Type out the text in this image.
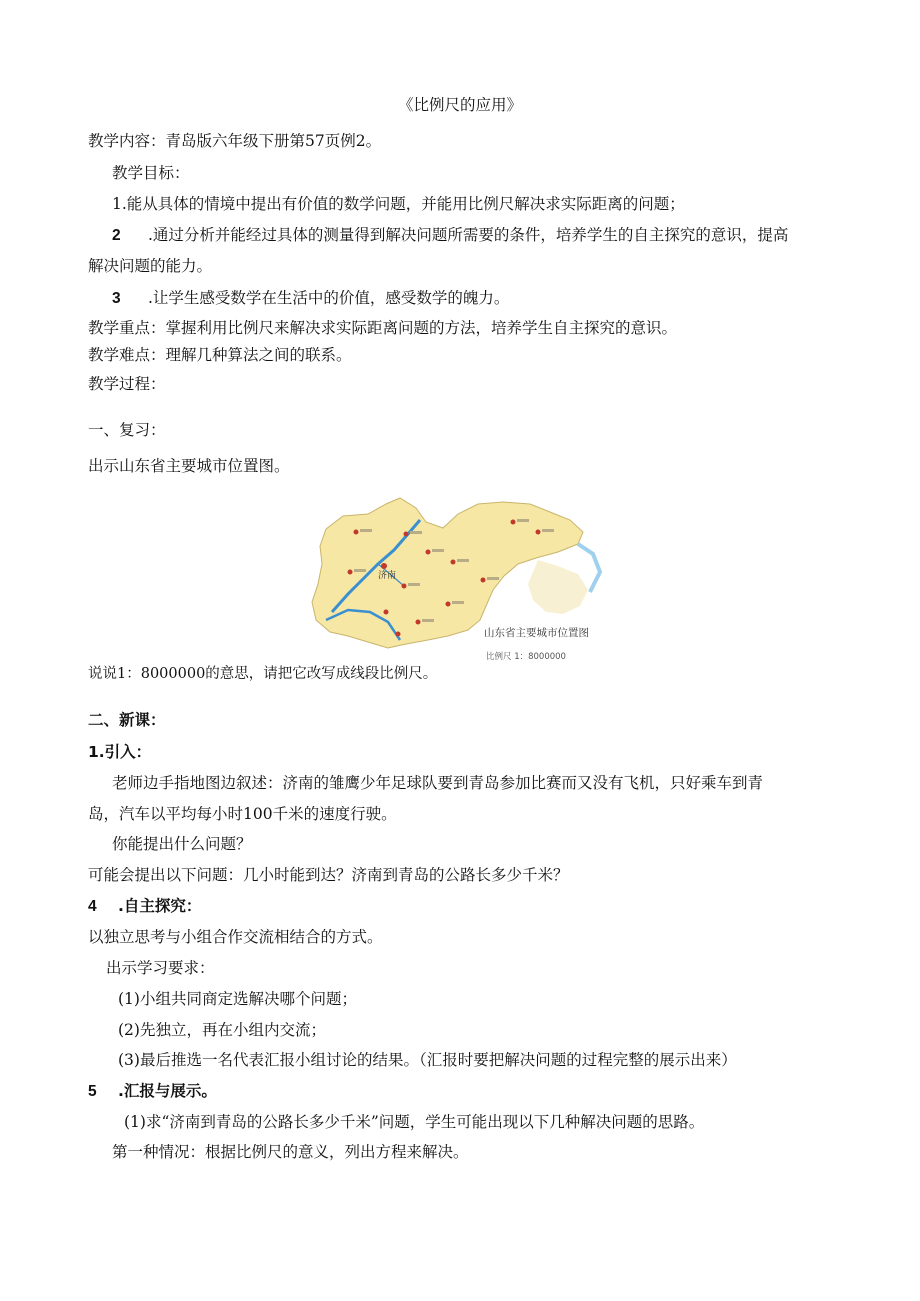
《比例尺的应用》
教学内容：青岛版六年级下册第57页例2。
教学目标：
1.能从具体的情境中提出有价值的数学问题，并能用比例尺解决求实际距离的问题；
2 .通过分析并能经过具体的测量得到解决问题所需要的条件，培养学生的自主探究的意识，提高
解决问题的能力。
3 .让学生感受数学在生活中的价值，感受数学的魄力。
教学重点：掌握利用比例尺来解决求实际距离问题的方法，培养学生自主探究的意识。
教学难点：理解几种算法之间的联系。
教学过程：
一、复习：
出示山东省主要城市位置图。
济南
山东省主要城市位置图
比例尺 1：8000000
说说1：8000000的意思，请把它改写成线段比例尺。
二、新课：
1.引入：
老师边手指地图边叙述：济南的雏鹰少年足球队要到青岛参加比赛而又没有飞机，只好乘车到青
岛，汽车以平均每小时100千米的速度行驶。
你能提出什么问题？
可能会提出以下问题：几小时能到达？济南到青岛的公路长多少千米？
4 .自主探究：
以独立思考与小组合作交流相结合的方式。
出示学习要求：
(1)小组共同商定选解决哪个问题；
(2)先独立，再在小组内交流；
(3)最后推选一名代表汇报小组讨论的结果。（汇报时要把解决问题的过程完整的展示出来）
5 .汇报与展示。
(1)求“济南到青岛的公路长多少千米”问题，学生可能出现以下几种解决问题的思路。
第一种情况：根据比例尺的意义，列出方程来解决。
